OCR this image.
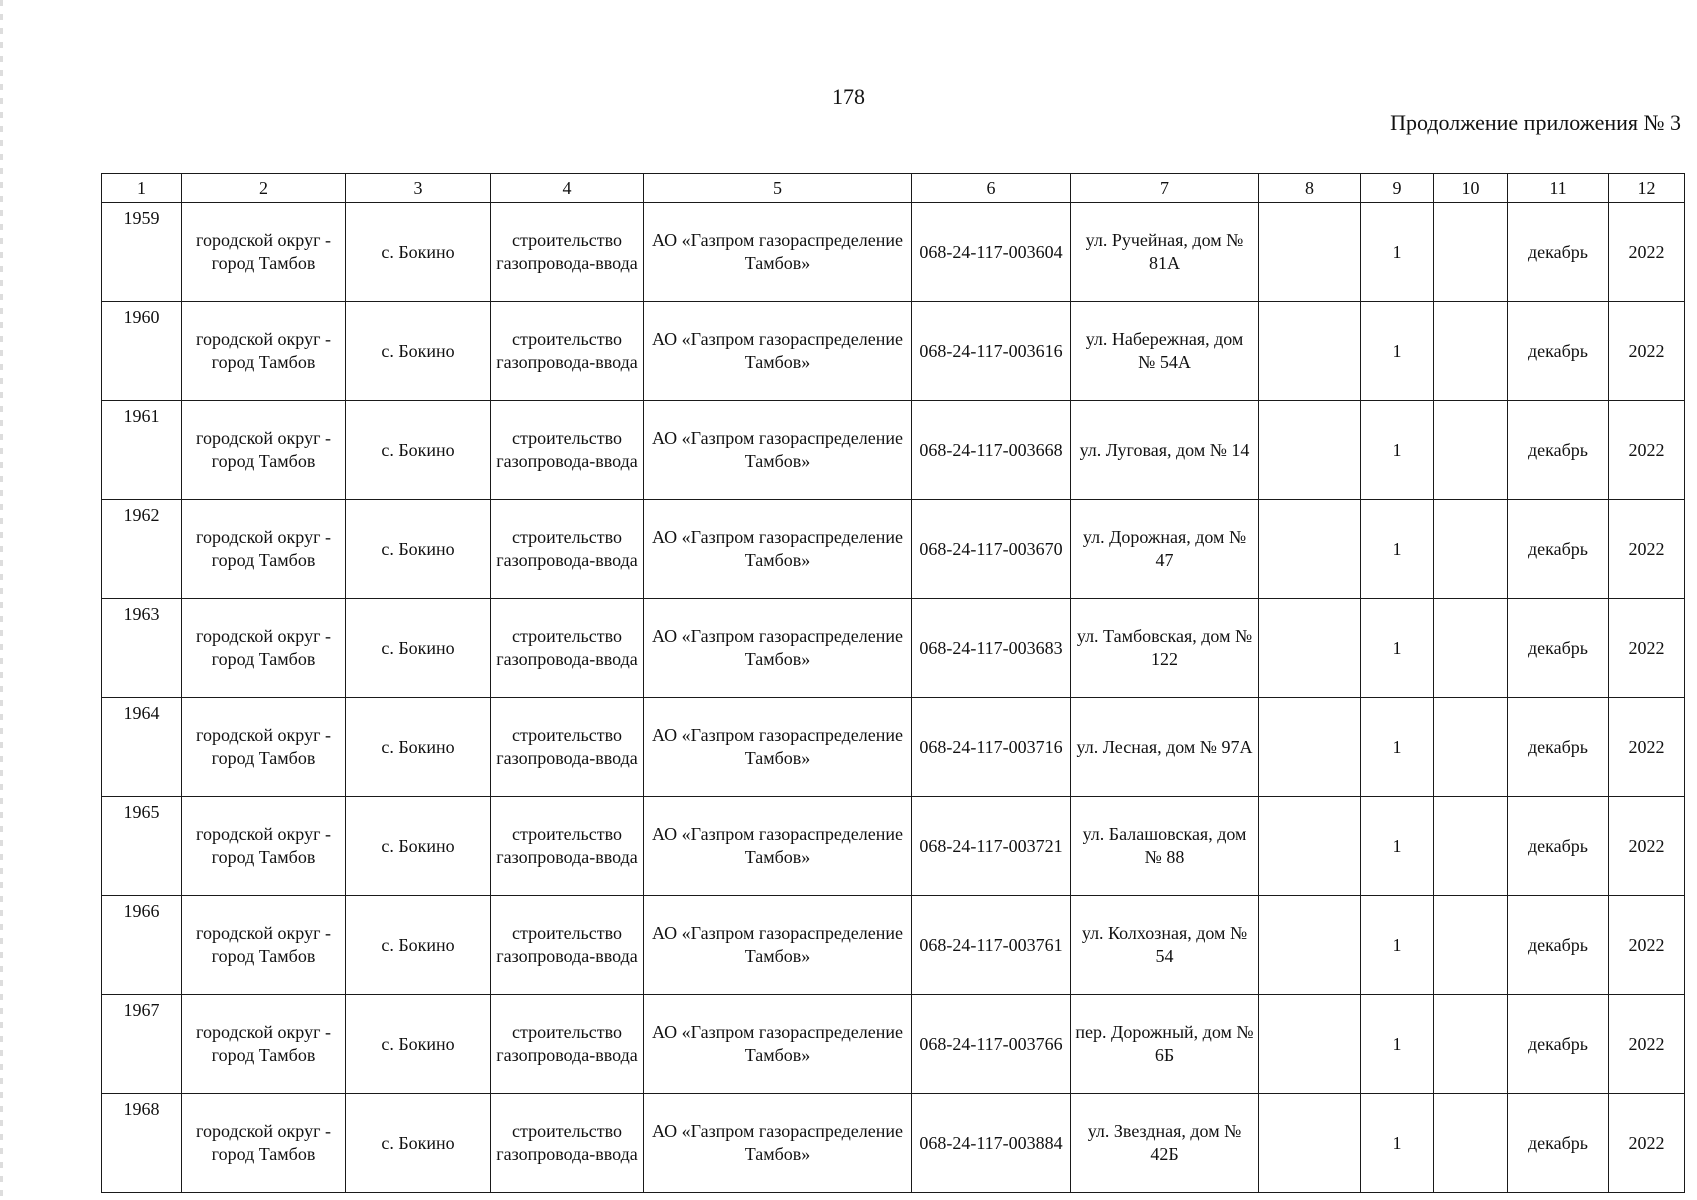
178
Продолжение приложения № 3
1	2	3	4	5	6	7	8	9	10	11	12
1959	городской округ - город Тамбов	с. Бокино	строительство газопровода-ввода	АО «Газпром газораспределение Тамбов»	068-24-117-003604	ул. Ручейная, дом № 81А		1		декабрь	2022
1960	городской округ - город Тамбов	с. Бокино	строительство газопровода-ввода	АО «Газпром газораспределение Тамбов»	068-24-117-003616	ул. Набережная, дом № 54А		1		декабрь	2022
1961	городской округ - город Тамбов	с. Бокино	строительство газопровода-ввода	АО «Газпром газораспределение Тамбов»	068-24-117-003668	ул. Луговая, дом № 14		1		декабрь	2022
1962	городской округ - город Тамбов	с. Бокино	строительство газопровода-ввода	АО «Газпром газораспределение Тамбов»	068-24-117-003670	ул. Дорожная, дом № 47		1		декабрь	2022
1963	городской округ - город Тамбов	с. Бокино	строительство газопровода-ввода	АО «Газпром газораспределение Тамбов»	068-24-117-003683	ул. Тамбовская, дом № 122		1		декабрь	2022
1964	городской округ - город Тамбов	с. Бокино	строительство газопровода-ввода	АО «Газпром газораспределение Тамбов»	068-24-117-003716	ул. Лесная, дом № 97А		1		декабрь	2022
1965	городской округ - город Тамбов	с. Бокино	строительство газопровода-ввода	АО «Газпром газораспределение Тамбов»	068-24-117-003721	ул. Балашовская, дом № 88		1		декабрь	2022
1966	городской округ - город Тамбов	с. Бокино	строительство газопровода-ввода	АО «Газпром газораспределение Тамбов»	068-24-117-003761	ул. Колхозная, дом № 54		1		декабрь	2022
1967	городской округ - город Тамбов	с. Бокино	строительство газопровода-ввода	АО «Газпром газораспределение Тамбов»	068-24-117-003766	пер. Дорожный, дом № 6Б		1		декабрь	2022
1968	городской округ - город Тамбов	с. Бокино	строительство газопровода-ввода	АО «Газпром газораспределение Тамбов»	068-24-117-003884	ул. Звездная, дом № 42Б		1		декабрь	2022
